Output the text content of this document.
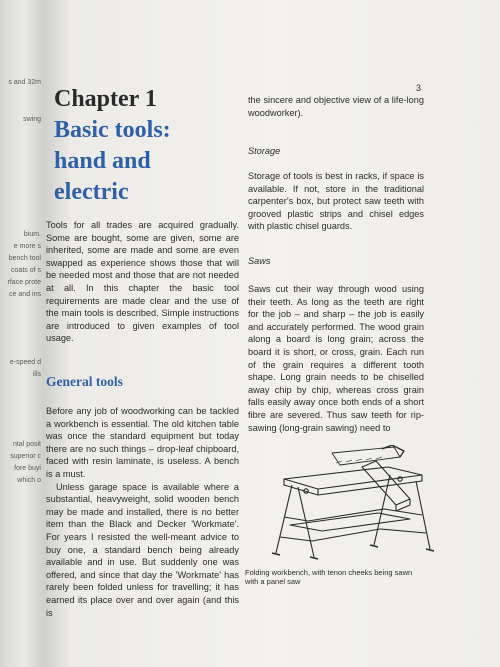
s and 32m
swing
bium.
e more s
bench tool
coats of s
rface prote
ce and ins
e-speed d
ills
ntal posit
superior c
fore buyi
which o
3
Chapter 1
Basic tools:
hand and
electric
Tools for all trades are acquired gradually. Some are bought, some are given, some are inherited, some are made and some are even swapped as experience shows those that will be needed most and those that are not needed at all. In this chapter the basic tool requirements are made clear and the use of the main tools is described. Simple instructions are introduced to given examples of tool usage.
General tools

Before any job of woodworking can be tackled a workbench is essential. The old kitchen table was once the standard equipment but today there are no such things – drop-leaf chipboard, faced with resin laminate, is useless. A bench is a must.

Unless garage space is available where a substantial, heavyweight, solid wooden bench may be made and installed, there is no better item than the Black and Decker 'Workmate'. For years I resisted the well-meant advice to buy one, a standard bench being already available and in use. But suddenly one was offered, and since that day the 'Workmate' has rarely been folded unless for travelling; it has earned its place over and over again (and this is

the sincere and objective view of a life-long woodworker).

Storage
Storage of tools is best in racks, if space is available. If not, store in the traditional carpenter's box, but protect saw teeth with grooved plastic strips and chisel edges with plastic chisel guards.
Saws
Saws cut their way through wood using their teeth. As long as the teeth are right for the job – and sharp – the job is easily and accurately performed. The wood grain along a board is long grain; across the board it is short, or cross, grain. Each run of the grain requires a different tooth shape. Long grain needs to be chiselled away chip by chip, whereas cross grain falls easily away once both ends of a short fibre are severed. Thus saw teeth for rip-sawing (long-grain sawing) need to
Folding workbench, with tenon cheeks being sawn with a panel saw
